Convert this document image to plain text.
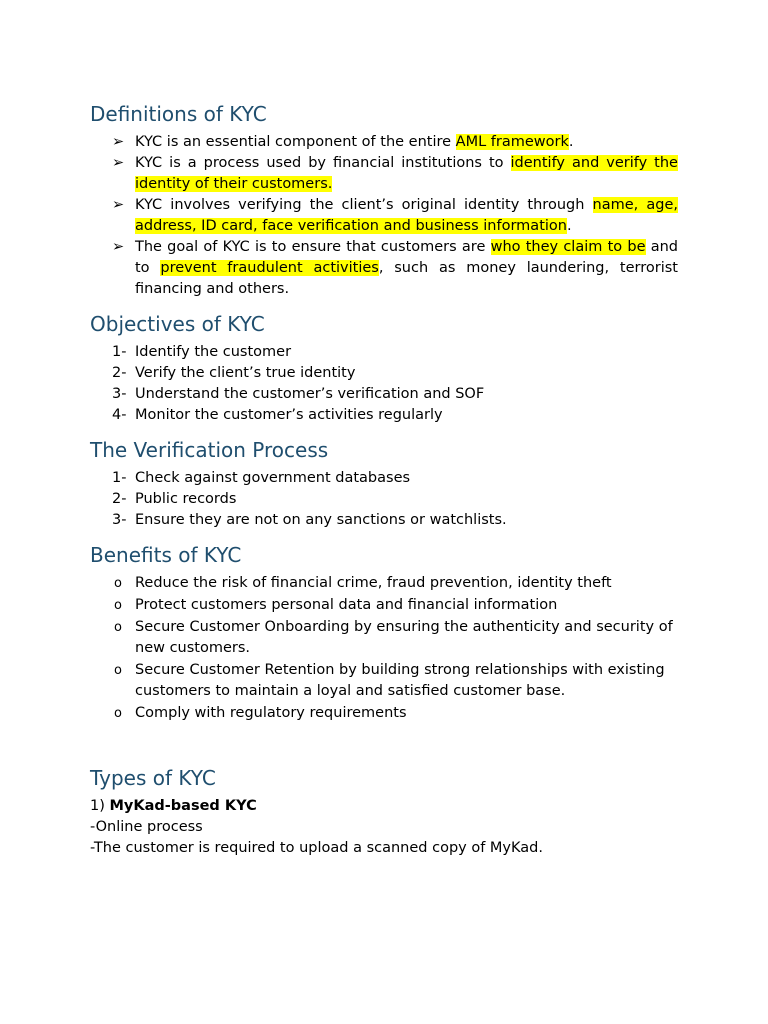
Definitions of KYC
➢ KYC is an essential component of the entire AML framework.
➢ KYC is a process used by financial institutions to identify and verify the identity of their customers.
➢ KYC involves verifying the client’s original identity through name, age, address, ID card, face verification and business information.
➢ The goal of KYC is to ensure that customers are who they claim to be and to prevent fraudulent activities, such as money laundering, terrorist financing and others.
Objectives of KYC
1- Identify the customer
2- Verify the client’s true identity
3- Understand the customer’s verification and SOF
4- Monitor the customer’s activities regularly
The Verification Process
1- Check against government databases
2- Public records
3- Ensure they are not on any sanctions or watchlists.
Benefits of KYC
o Reduce the risk of financial crime, fraud prevention, identity theft
o Protect customers personal data and financial information
o Secure Customer Onboarding by ensuring the authenticity and security of new customers.
o Secure Customer Retention by building strong relationships with existing customers to maintain a loyal and satisfied customer base.
o Comply with regulatory requirements
Types of KYC
1) MyKad-based KYC
-Online process
-The customer is required to upload a scanned copy of MyKad.
